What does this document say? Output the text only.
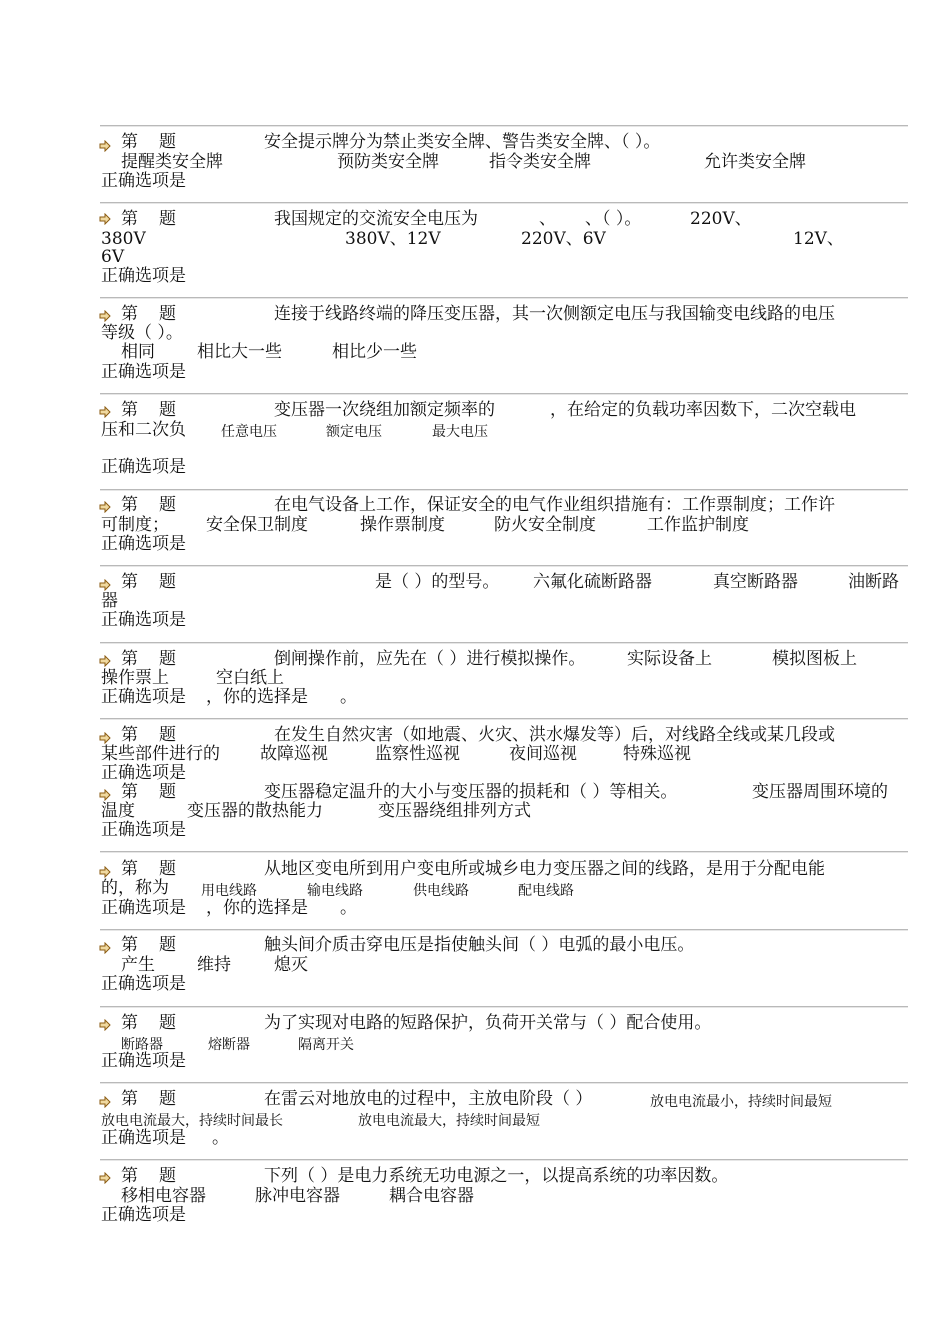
第 题	安全提示牌分为禁止类安全牌、警告类安全牌、（ ）。
提醒类安全牌	预防类安全牌	指令类安全牌	允许类安全牌
正确选项是
第 题	我国规定的交流安全电压为	、 、（ ）。	220V、
380V	380V、12V	220V、6V	12V、
6V
正确选项是
第 题	连接于线路终端的降压变压器，其一次侧额定电压与我国输变电线路的电压
等级（ ）。
相同 相比大一些	相比少一些
正确选项是
第 题	变压器一次绕组加额定频率的	，在给定的负载功率因数下，二次空载电
压和二次负	任意电压	额定电压	最大电压
正确选项是
第 题	在电气设备上工作，保证安全的电气作业组织措施有：工作票制度；工作许
可制度； 安全保卫制度	操作票制度	防火安全制度	工作监护制度
正确选项是
第 题	是（ ）的型号。 六氟化硫断路器	真空断路器	油断路
器
正确选项是
第 题	倒闸操作前，应先在（ ）进行模拟操作。 实际设备上	模拟图板上
操作票上	空白纸上
正确选项是 ，你的选择是 。
第 题	在发生自然灾害（如地震、火灾、洪水爆发等）后，对线路全线或某几段或
某些部件进行的 故障巡视	监察性巡视	夜间巡视	特殊巡视
正确选项是
第 题	变压器稳定温升的大小与变压器的损耗和（ ）等相关。	变压器周围环境的
温度	变压器的散热能力	变压器绕组排列方式
正确选项是
第 题	从地区变电所到用户变电所或城乡电力变压器之间的线路，是用于分配电能
的，称为 用电线路	输电线路	供电线路	配电线路
正确选项是 ，你的选择是 。
第 题	触头间介质击穿电压是指使触头间（ ）电弧的最小电压。
产生 维持	熄灭
正确选项是
第 题	为了实现对电路的短路保护，负荷开关常与（ ）配合使用。
断路器	熔断器	隔离开关
正确选项是
第 题	在雷云对地放电的过程中，主放电阶段（ ）	放电电流最小，持续时间最短
放电电流最大，持续时间最长	放电电流最大，持续时间最短
正确选项是 。
第 题	下列（ ）是电力系统无功电源之一，以提高系统的功率因数。
移相电容器	脉冲电容器	耦合电容器
正确选项是
